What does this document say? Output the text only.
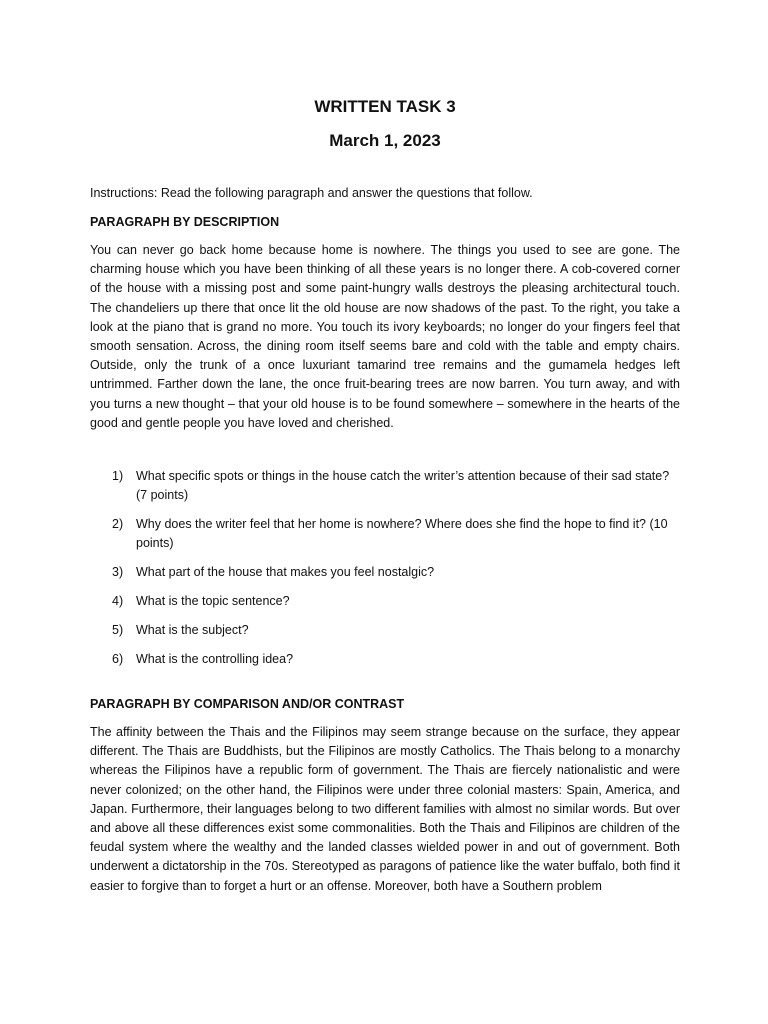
WRITTEN TASK 3
March 1, 2023

Instructions: Read the following paragraph and answer the questions that follow.

PARAGRAPH BY DESCRIPTION

You can never go back home because home is nowhere. The things you used to see are gone. The charming house which you have been thinking of all these years is no longer there. A cob-covered corner of the house with a missing post and some paint-hungry walls destroys the pleasing architectural touch. The chandeliers up there that once lit the old house are now shadows of the past. To the right, you take a look at the piano that is grand no more. You touch its ivory keyboards; no longer do your fingers feel that smooth sensation. Across, the dining room itself seems bare and cold with the table and empty chairs. Outside, only the trunk of a once luxuriant tamarind tree remains and the gumamela hedges left untrimmed. Farther down the lane, the once fruit-bearing trees are now barren. You turn away, and with you turns a new thought – that your old house is to be found somewhere – somewhere in the hearts of the good and gentle people you have loved and cherished.

1)	What specific spots or things in the house catch the writer’s attention because of their sad state? (7 points)
2)	Why does the writer feel that her home is nowhere? Where does she find the hope to find it? (10 points)
3)	What part of the house that makes you feel nostalgic?
4)	What is the topic sentence?
5)	What is the subject?
6)	What is the controlling idea?

PARAGRAPH BY COMPARISON AND/OR CONTRAST

The affinity between the Thais and the Filipinos may seem strange because on the surface, they appear different. The Thais are Buddhists, but the Filipinos are mostly Catholics. The Thais belong to a monarchy whereas the Filipinos have a republic form of government. The Thais are fiercely nationalistic and were never colonized; on the other hand, the Filipinos were under three colonial masters: Spain, America, and Japan. Furthermore, their languages belong to two different families with almost no similar words. But over and above all these differences exist some commonalities. Both the Thais and Filipinos are children of the feudal system where the wealthy and the landed classes wielded power in and out of government. Both underwent a dictatorship in the 70s. Stereotyped as paragons of patience like the water buffalo, both find it easier to forgive than to forget a hurt or an offense. Moreover, both have a Southern problem
